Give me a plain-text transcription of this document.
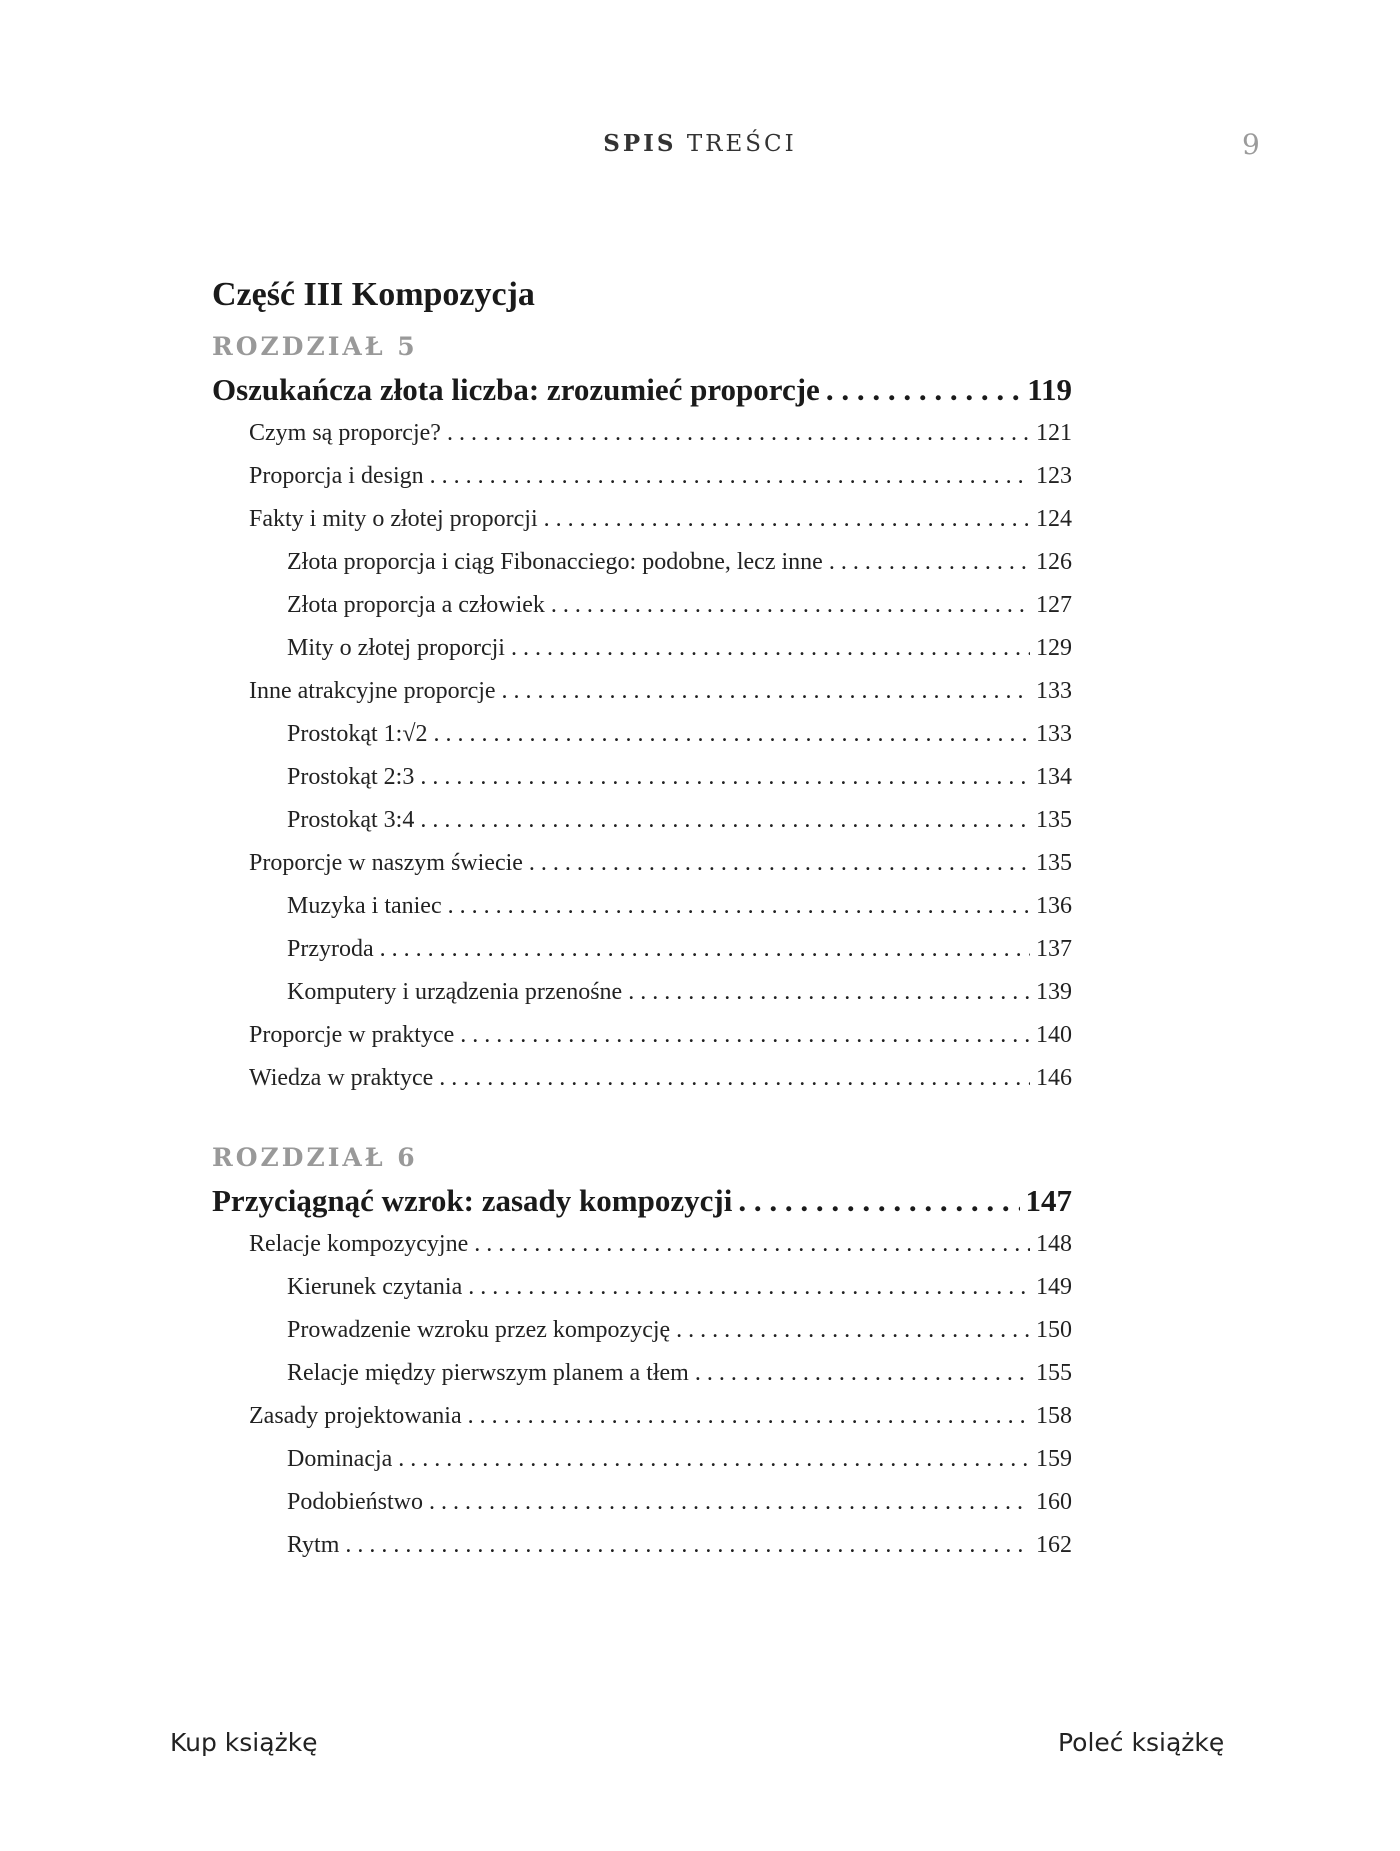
SPIS TREŚCI	9
Część III Kompozycja
ROZDZIAŁ 5
Oszukańcza złota liczba: zrozumieć proporcje . . .	119
Czym są proporcje? . . .	121
Proporcja i design . . .	123
Fakty i mity o złotej proporcji . . .	124
Złota proporcja i ciąg Fibonacciego: podobne, lecz inne . . .	126
Złota proporcja a człowiek . . .	127
Mity o złotej proporcji . . .	129
Inne atrakcyjne proporcje . . .	133
Prostokąt 1:√2 . . .	133
Prostokąt 2:3 . . .	134
Prostokąt 3:4 . . .	135
Proporcje w naszym świecie . . .	135
Muzyka i taniec . . .	136
Przyroda . . .	137
Komputery i urządzenia przenośne . . .	139
Proporcje w praktyce . . .	140
Wiedza w praktyce . . .	146
ROZDZIAŁ 6
Przyciągnąć wzrok: zasady kompozycji . . .	147
Relacje kompozycyjne . . .	148
Kierunek czytania . . .	149
Prowadzenie wzroku przez kompozycję . . .	150
Relacje między pierwszym planem a tłem . . .	155
Zasady projektowania . . .	158
Dominacja . . .	159
Podobieństwo . . .	160
Rytm . . .	162
Kup książkę	Poleć książkę
